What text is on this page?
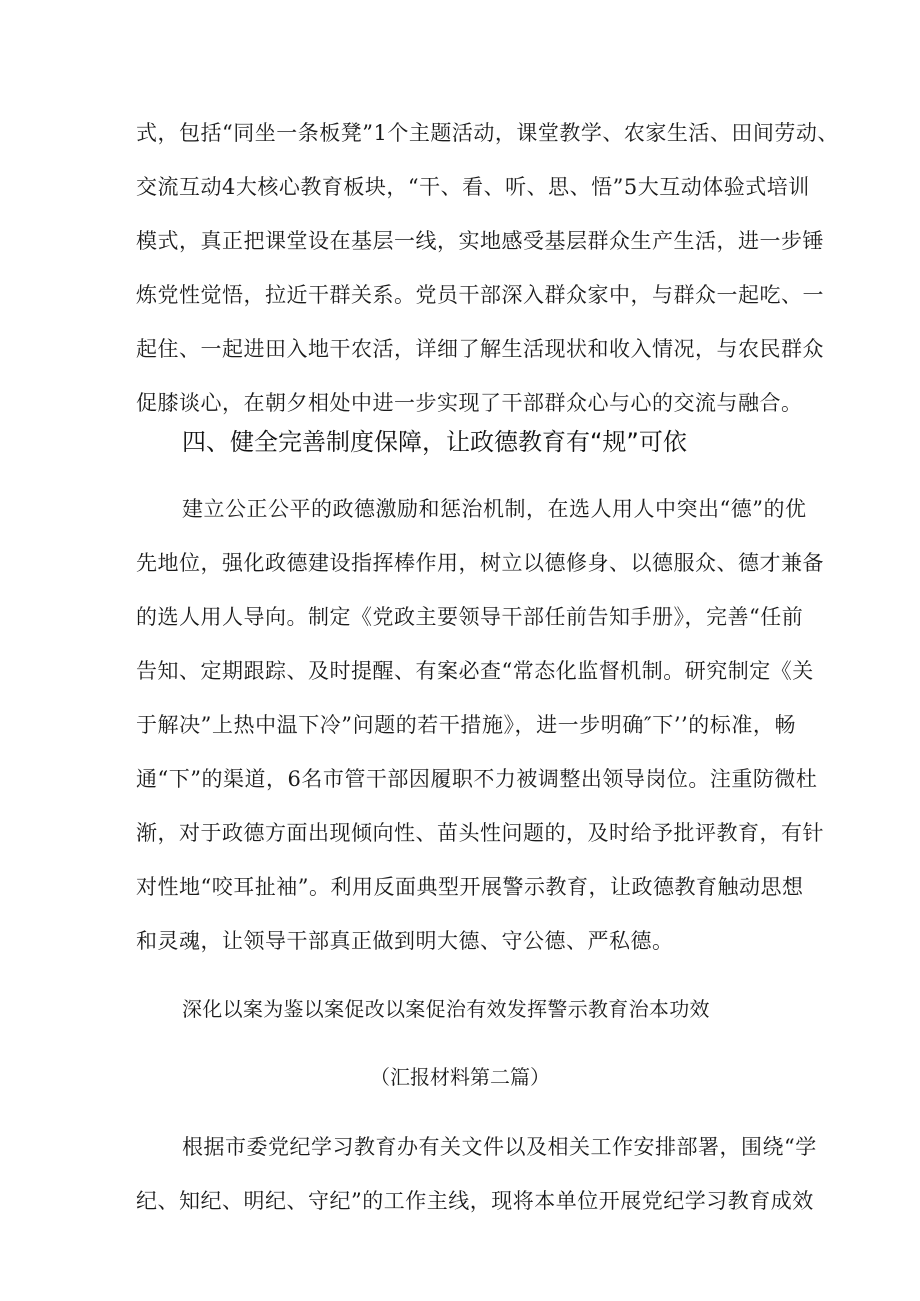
式，包括“同坐一条板凳”1个主题活动，课堂教学、农家生活、田间劳动、
交流互动4大核心教育板块，“干、看、听、思、悟”5大互动体验式培训
模式，真正把课堂设在基层一线，实地感受基层群众生产生活，进一步锤
炼党性觉悟，拉近干群关系。党员干部深入群众家中，与群众一起吃、一
起住、一起进田入地干农活，详细了解生活现状和收入情况，与农民群众
促膝谈心，在朝夕相处中进一步实现了干部群众心与心的交流与融合。
四、健全完善制度保障，让政德教育有“规”可依
建立公正公平的政德激励和惩治机制，在选人用人中突出“德”的优
先地位，强化政德建设指挥棒作用，树立以德修身、以德服众、德才兼备
的选人用人导向。制定《党政主要领导干部任前告知手册》，完善“任前
告知、定期跟踪、及时提醒、有案必查“常态化监督机制。研究制定《关
于解决”上热中温下冷”问题的若干措施》，进一步明确″下’’的标准，畅
通“下”的渠道，6名市管干部因履职不力被调整出领导岗位。注重防微杜
渐，对于政德方面出现倾向性、苗头性问题的，及时给予批评教育，有针
对性地“咬耳扯袖”。利用反面典型开展警示教育，让政德教育触动思想
和灵魂，让领导干部真正做到明大德、守公德、严私德。
深化以案为鉴以案促改以案促治有效发挥警示教育治本功效
（汇报材料第二篇）
根据市委党纪学习教育办有关文件以及相关工作安排部署，围绕“学
纪、知纪、明纪、守纪”的工作主线，现将本单位开展党纪学习教育成效
